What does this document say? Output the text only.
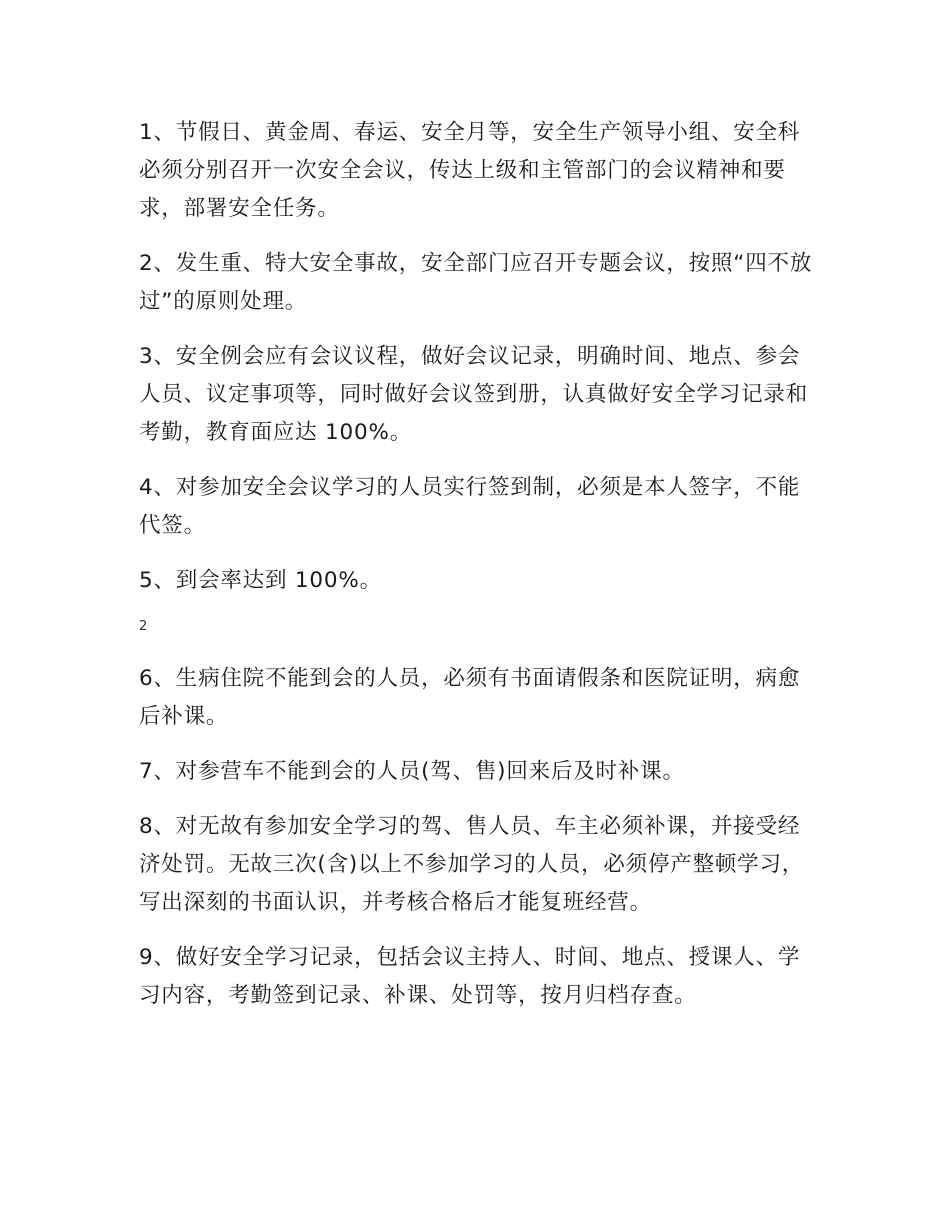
1、节假日、黄金周、春运、安全月等，安全生产领导小组、安全科必须分别召开一次安全会议，传达上级和主管部门的会议精神和要求，部署安全任务。

2、发生重、特大安全事故，安全部门应召开专题会议，按照“四不放过”的原则处理。

3、安全例会应有会议议程，做好会议记录，明确时间、地点、参会人员、议定事项等，同时做好会议签到册，认真做好安全学习记录和考勤，教育面应达 100%。

4、对参加安全会议学习的人员实行签到制，必须是本人签字，不能代签。

5、到会率达到 100%。

2

6、生病住院不能到会的人员，必须有书面请假条和医院证明，病愈后补课。

7、对参营车不能到会的人员(驾、售)回来后及时补课。

8、对无故有参加安全学习的驾、售人员、车主必须补课，并接受经济处罚。无故三次(含)以上不参加学习的人员，必须停产整顿学习，写出深刻的书面认识，并考核合格后才能复班经营。

9、做好安全学习记录，包括会议主持人、时间、地点、授课人、学习内容，考勤签到记录、补课、处罚等，按月归档存查。
